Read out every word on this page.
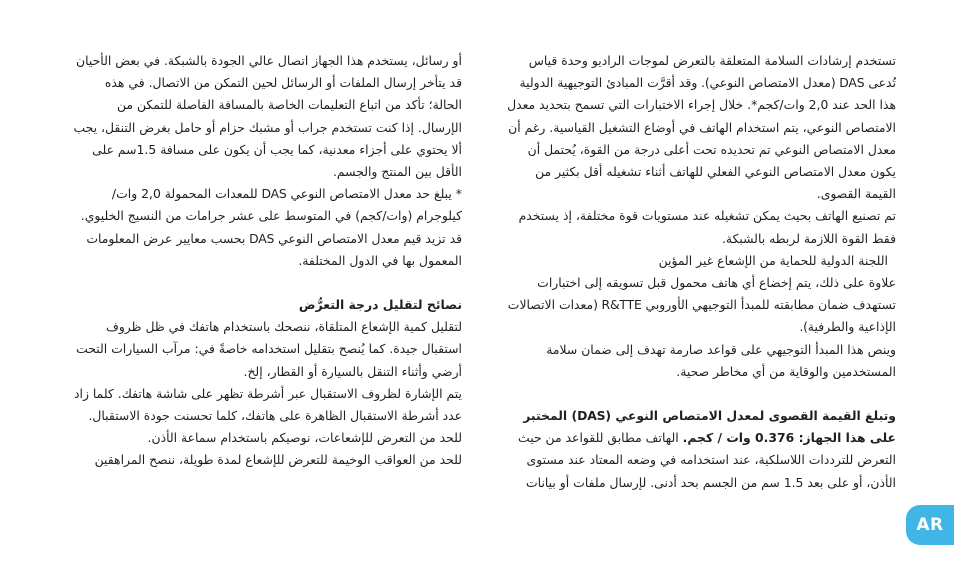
تستخدم إرشادات السلامة المتعلقة بالتعرض لموجات الراديو وحدة قياس تُدعى DAS (معدل الامتصاص النوعي). وقد أقرَّت المبادئ التوجيهية الدولية هذا الحد عند 2,0 وات/كجم*. خلال إجراء الاختبارات التي تسمح بتحديد معدل الامتصاص النوعي، يتم استخدام الهاتف في أوضاع التشغيل القياسية. رغم أن معدل الامتصاص النوعي تم تحديده تحت أعلى درجة من القوة، يُحتمل أن يكون معدل الامتصاص النوعي الفعلي للهاتف أثناء تشغيله أقل بكثير من القيمة القصوى.

تم تصنيع الهاتف بحيث يمكن تشغيله عند مستويات قوة مختلفة، إذ يستخدم فقط القوة اللازمة لربطه بالشبكة.

اللجنة الدولية للحماية من الإشعاع غير المؤين

علاوة على ذلك، يتم إخضاع أي هاتف محمول قبل تسويقه إلى اختبارات تستهدف ضمان مطابقته للمبدأ التوجيهي الأوروبي R&TTE (معدات الاتصالات الإذاعية والطرفية).

وينص هذا المبدأ التوجيهي على قواعد صارمة تهدف إلى ضمان سلامة المستخدمين والوقاية من أي مخاطر صحية.

وتبلغ القيمة القصوى لمعدل الامتصاص النوعي (DAS) المختبر على هذا الجهاز: 0.376 وات / كجم. الهاتف مطابق للقواعد من حيث التعرض للترددات اللاسلكية، عند استخدامه في وضعه المعتاد عند مستوى الأذن، أو على بعد 1.5 سم من الجسم بحد أدنى. لإرسال ملفات أو بيانات

أو رسائل، يستخدم هذا الجهاز اتصال عالي الجودة بالشبكة. في بعض الأحيان قد يتأخر إرسال الملفات أو الرسائل لحين التمكن من الاتصال. في هذه الحالة؛ تأكد من اتباع التعليمات الخاصة بالمسافة الفاصلة للتمكن من الإرسال. إذا كنت تستخدم جراب أو مشبك حزام أو حامل بغرض التنقل، يجب ألا يحتوي على أجزاء معدنية، كما يجب أن يكون على مسافة 1.5سم على الأقل بين المنتج والجسم.

* يبلغ حد معدل الامتصاص النوعي DAS للمعدات المحمولة 2,0 وات/كيلوجرام (وات/كجم) في المتوسط على عشر جرامات من النسيج الخليوي. قد تزيد قيم معدل الامتصاص النوعي DAS بحسب معايير عرض المعلومات المعمول بها في الدول المختلفة.

نصائح لتقليل درجة التعرُّض

لتقليل كمية الإشعاع المتلقاة، ننصحك باستخدام هاتفك في ظل ظروف استقبال جيدة. كما يُنصح بتقليل استخدامه خاصةً في: مرآب السيارات التحت أرضي وأثناء التنقل بالسيارة أو القطار، إلخ.

يتم الإشارة لظروف الاستقبال عبر أشرطة تظهر على شاشة هاتفك. كلما زاد عدد أشرطة الاستقبال الظاهرة على هاتفك، كلما تحسنت جودة الاستقبال.

للحد من التعرض للإشعاعات، نوصيكم باستخدام سماعة الأذن.

للحد من العواقب الوخيمة للتعرض للإشعاع لمدة طويلة، ننصح المراهقين

AR
